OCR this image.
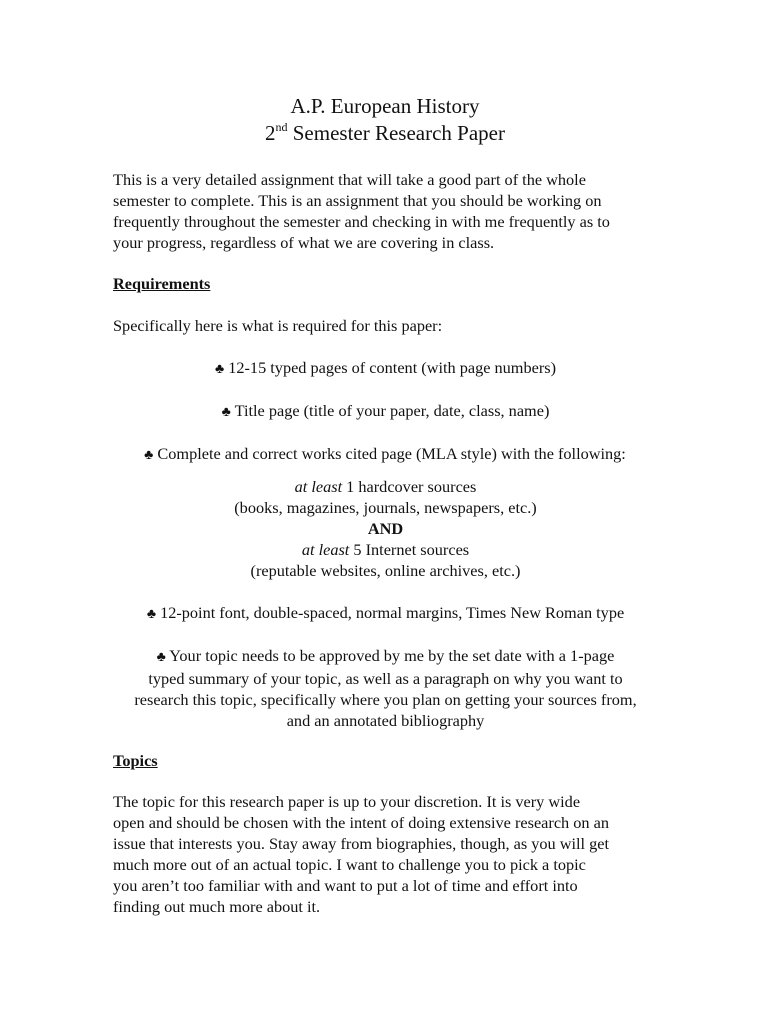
A.P. European History
2nd Semester Research Paper
This is a very detailed assignment that will take a good part of the whole
semester to complete. This is an assignment that you should be working on
frequently throughout the semester and checking in with me frequently as to
your progress, regardless of what we are covering in class.
Requirements
Specifically here is what is required for this paper:
♣ 12-15 typed pages of content (with page numbers)
♣ Title page (title of your paper, date, class, name)
♣ Complete and correct works cited page (MLA style) with the following:
at least 1 hardcover sources
(books, magazines, journals, newspapers, etc.)
AND
at least 5 Internet sources
(reputable websites, online archives, etc.)
♣ 12-point font, double-spaced, normal margins, Times New Roman type
♣ Your topic needs to be approved by me by the set date with a 1-page
typed summary of your topic, as well as a paragraph on why you want to
research this topic, specifically where you plan on getting your sources from,
and an annotated bibliography
Topics
The topic for this research paper is up to your discretion. It is very wide
open and should be chosen with the intent of doing extensive research on an
issue that interests you. Stay away from biographies, though, as you will get
much more out of an actual topic. I want to challenge you to pick a topic
you aren’t too familiar with and want to put a lot of time and effort into
finding out much more about it.
